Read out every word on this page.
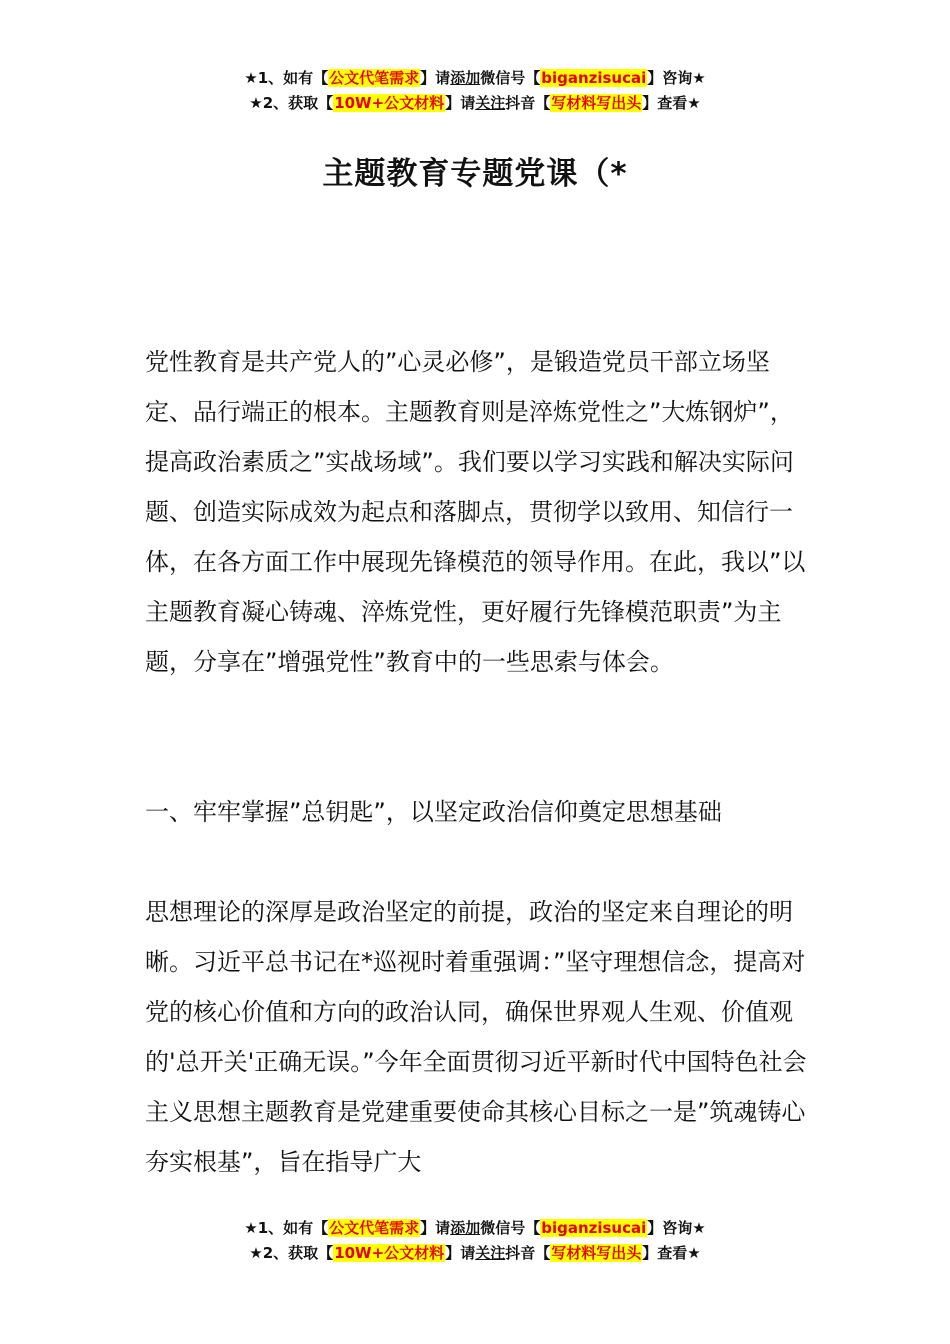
★1、如有【公文代笔需求】请添加微信号【biganzisucai】咨询★
★2、获取【10W+公文材料】请关注抖音【写材料写出头】查看★
主题教育专题党课（*

党性教育是共产党人的”心灵必修”，是锻造党员干部立场坚定、品行端正的根本。主题教育则是淬炼党性之”大炼钢炉”，提高政治素质之”实战场域”。我们要以学习实践和解决实际问题、创造实际成效为起点和落脚点，贯彻学以致用、知信行一体，在各方面工作中展现先锋模范的领导作用。在此，我以”以主题教育凝心铸魂、淬炼党性，更好履行先锋模范职责”为主题，分享在”增强党性”教育中的一些思索与体会。

一、牢牢掌握”总钥匙”，以坚定政治信仰奠定思想基础

思想理论的深厚是政治坚定的前提，政治的坚定来自理论的明晰。习近平总书记在*巡视时着重强调：”坚守理想信念，提高对党的核心价值和方向的政治认同，确保世界观人生观、价值观的'总开关'正确无误。”今年全面贯彻习近平新时代中国特色社会主义思想主题教育是党建重要使命其核心目标之一是”筑魂铸心夯实根基”，旨在指导广大

★1、如有【公文代笔需求】请添加微信号【biganzisucai】咨询★
★2、获取【10W+公文材料】请关注抖音【写材料写出头】查看★
